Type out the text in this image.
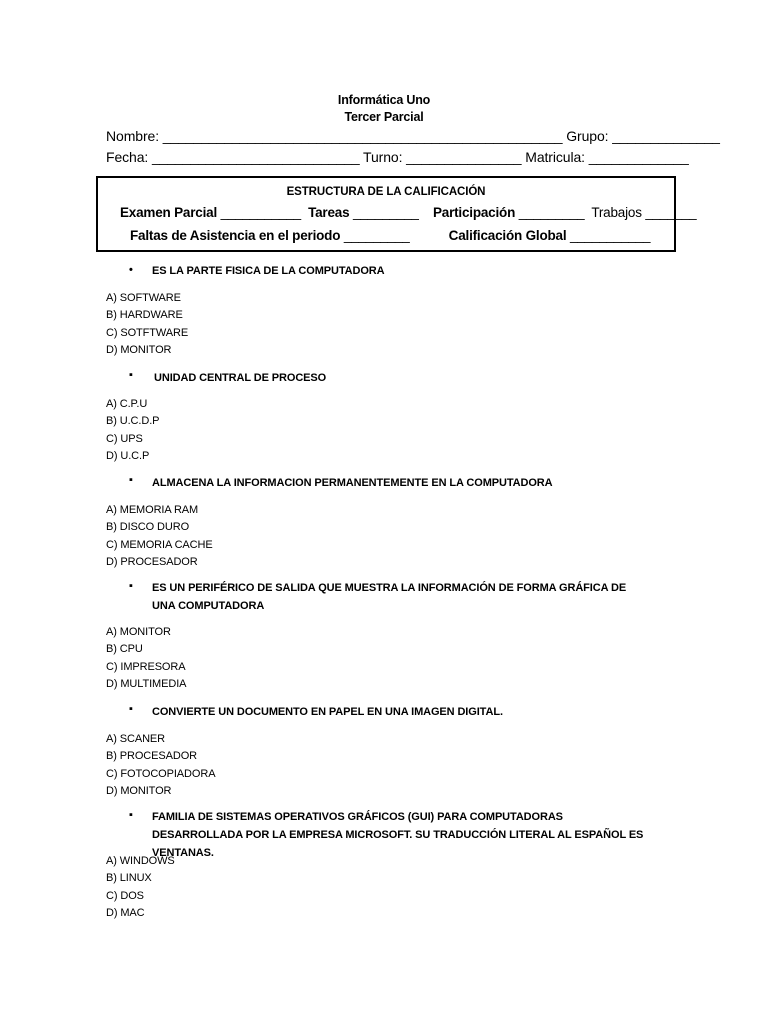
Informática Uno
Tercer Parcial
Nombre: ____________________________________________________ Grupo: ______________
Fecha: ___________________________ Turno: _______________ Matricula: _____________
ESTRUCTURA DE LA CALIFICACIÓN
Examen Parcial ___________ Tareas _________ Participación _________ Trabajos _______
Faltas de Asistencia en el periodo _________	Calificación Global ___________
• ES LA PARTE FISICA DE LA COMPUTADORA
A) SOFTWARE
B) HARDWARE
C) SOTFTWARE
D) MONITOR
▪ UNIDAD CENTRAL DE PROCESO
A) C.P.U
B) U.C.D.P
C) UPS
D) U.C.P
▪ ALMACENA LA INFORMACION PERMANENTEMENTE EN LA COMPUTADORA
A) MEMORIA RAM
B) DISCO DURO
C) MEMORIA CACHE
D) PROCESADOR
▪ ES UN PERIFÉRICO DE SALIDA QUE MUESTRA LA INFORMACIÓN DE FORMA GRÁFICA DE UNA COMPUTADORA
A) MONITOR
B) CPU
C) IMPRESORA
D) MULTIMEDIA
▪ CONVIERTE UN DOCUMENTO EN PAPEL EN UNA IMAGEN DIGITAL.
A) SCANER
B) PROCESADOR
C) FOTOCOPIADORA
D) MONITOR
▪ FAMILIA DE SISTEMAS OPERATIVOS GRÁFICOS (GUI) PARA COMPUTADORAS DESARROLLADA POR LA EMPRESA MICROSOFT. SU TRADUCCIÓN LITERAL AL ESPAÑOL ES VENTANAS.
A) WINDOWS
B) LINUX
C) DOS
D) MAC
